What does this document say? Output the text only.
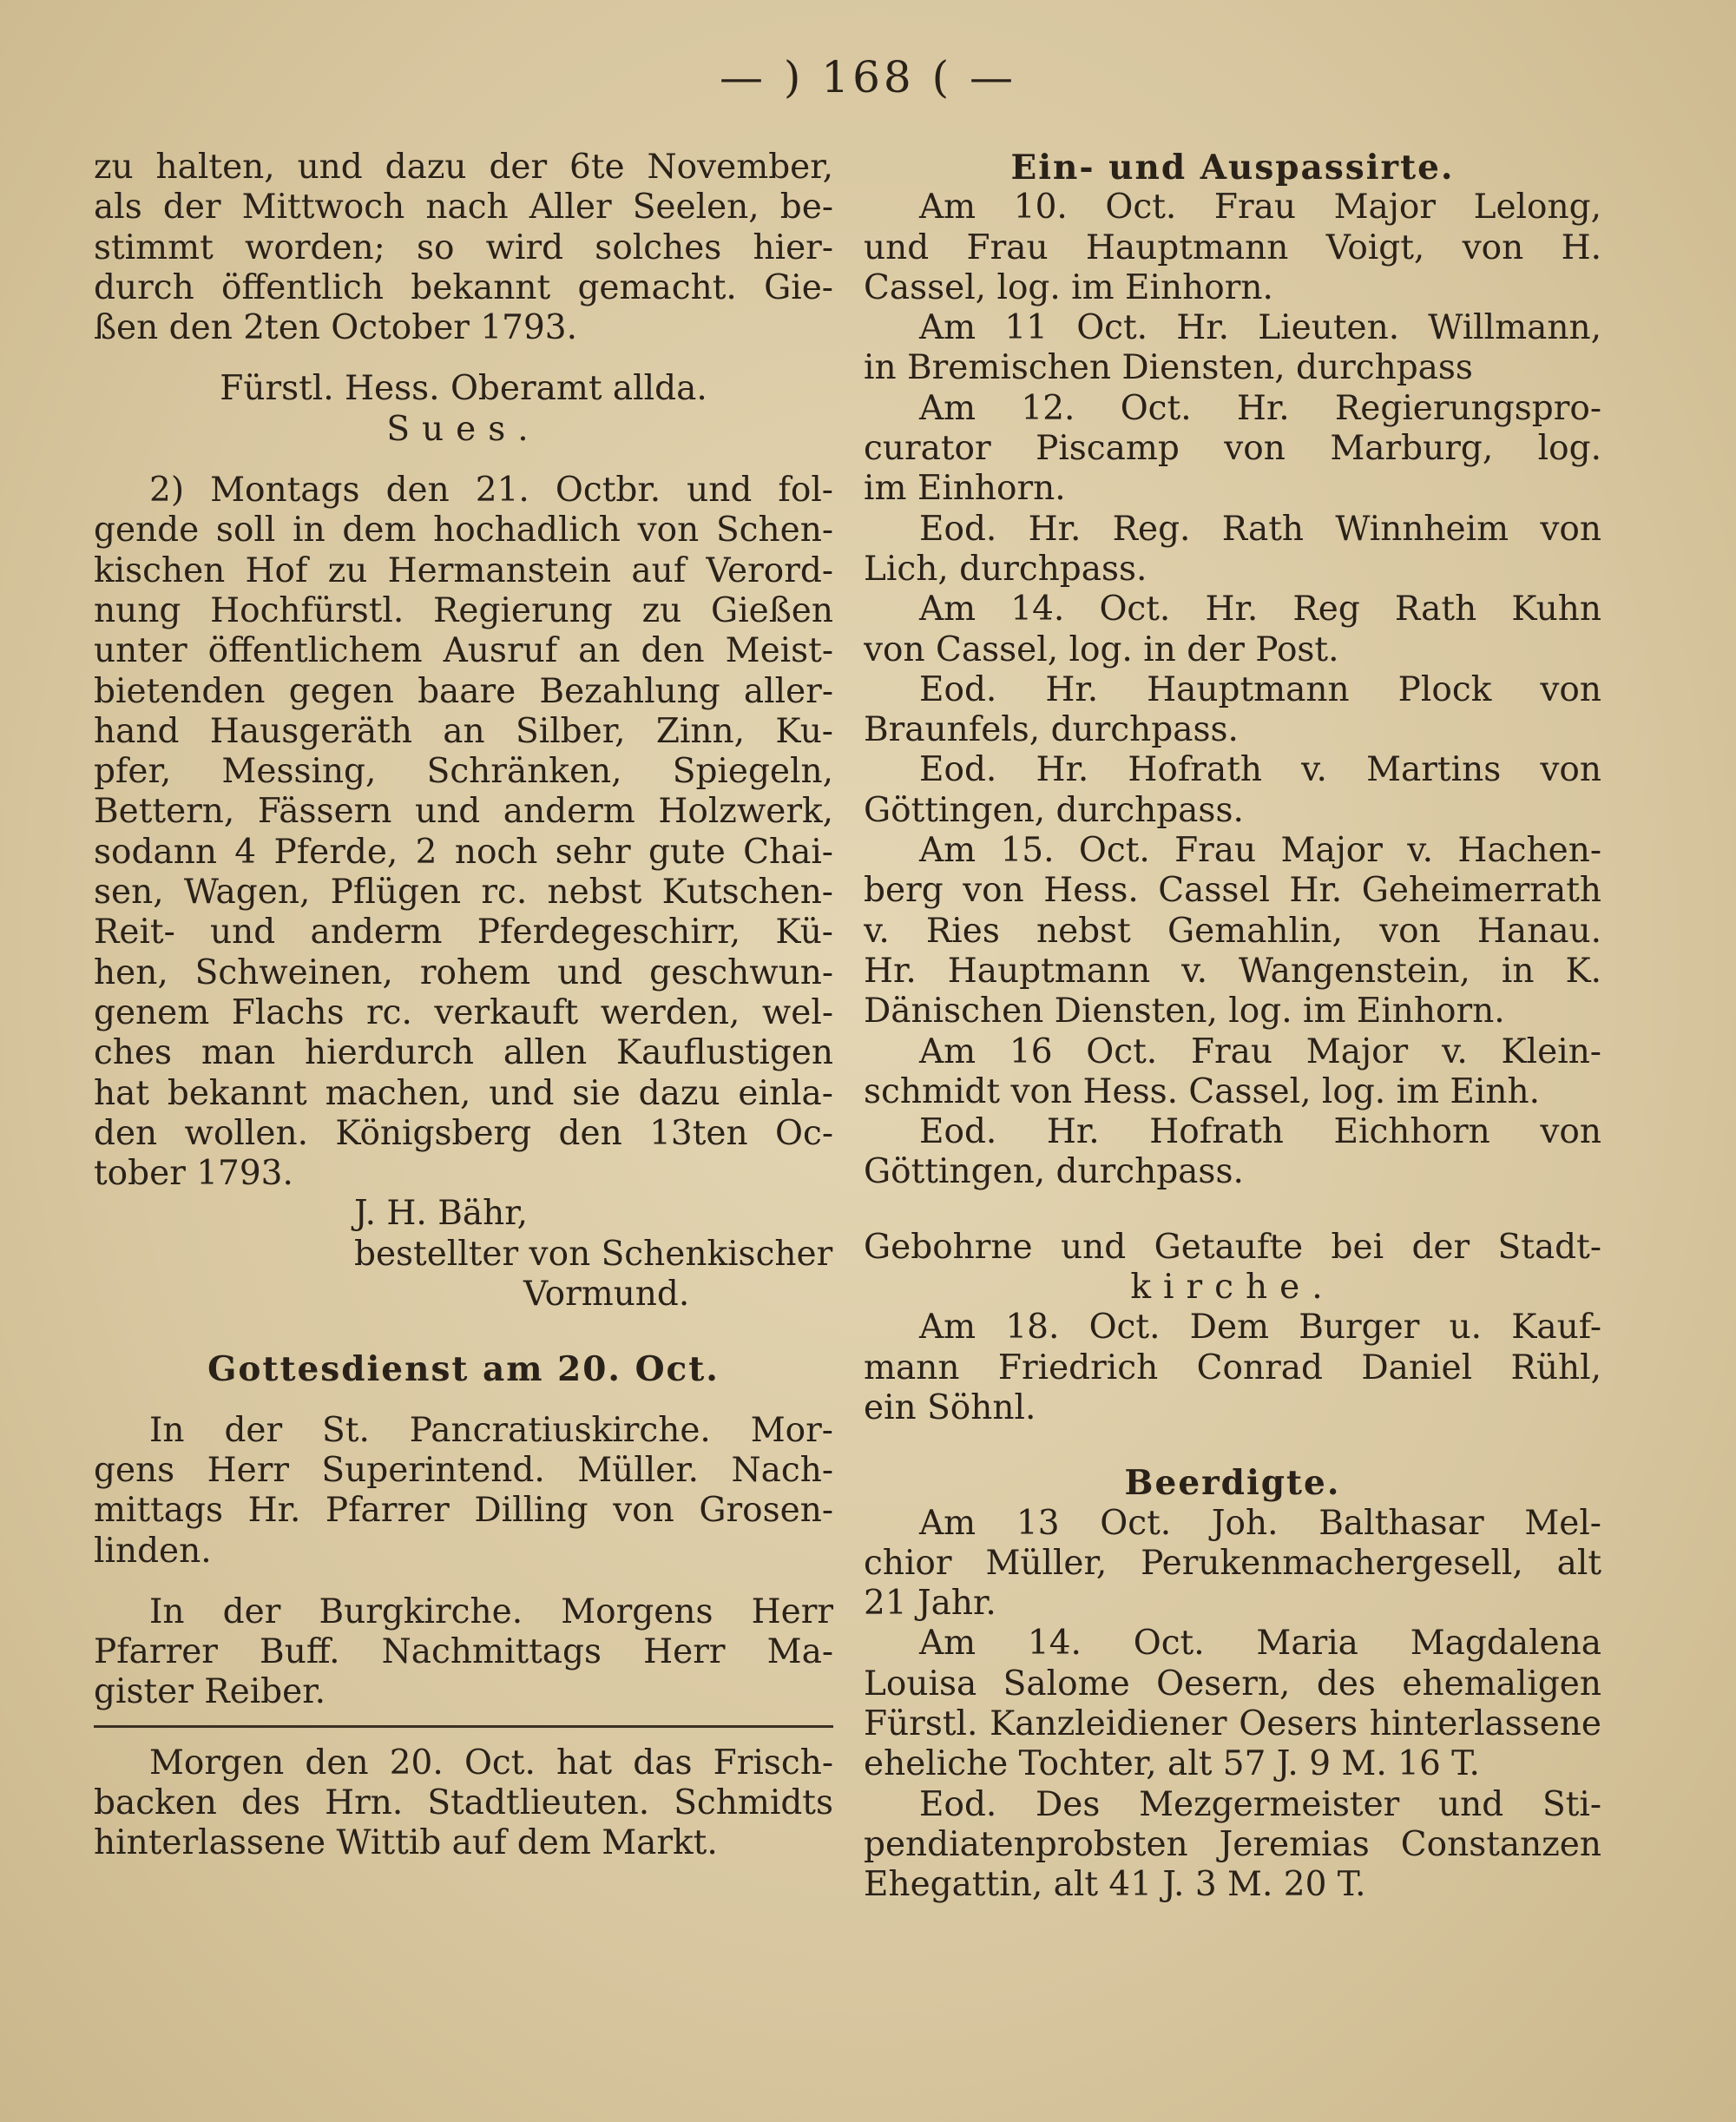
— ) 168 ( —
zu halten, und dazu der 6te November,
als der Mittwoch nach Aller Seelen, be-
stimmt worden; so wird solches hier-
durch öffentlich bekannt gemacht. Gie-
ßen den 2ten October 1793.
Fürstl. Hess. Oberamt allda.
Sues.
2) Montags den 21. Octbr. und fol-
gende soll in dem hochadlich von Schen-
kischen Hof zu Hermanstein auf Verord-
nung Hochfürstl. Regierung zu Gießen
unter öffentlichem Ausruf an den Meist-
bietenden gegen baare Bezahlung aller-
hand Hausgeräth an Silber, Zinn, Ku-
pfer, Messing, Schränken, Spiegeln,
Bettern, Fässern und anderm Holzwerk,
sodann 4 Pferde, 2 noch sehr gute Chai-
sen, Wagen, Pflügen rc. nebst Kutschen-
Reit- und anderm Pferdegeschirr, Kü-
hen, Schweinen, rohem und geschwun-
genem Flachs rc. verkauft werden, wel-
ches man hierdurch allen Kauflustigen
hat bekannt machen, und sie dazu einla-
den wollen. Königsberg den 13ten Oc-
tober 1793.
J. H. Bähr,
bestellter von Schenkischer
Vormund.
Gottesdienst am 20. Oct.
In der St. Pancratiuskirche. Mor-
gens Herr Superintend. Müller. Nach-
mittags Hr. Pfarrer Dilling von Grosen-
linden.
In der Burgkirche. Morgens Herr
Pfarrer Buff. Nachmittags Herr Ma-
gister Reiber.
Morgen den 20. Oct. hat das Frisch-
backen des Hrn. Stadtlieuten. Schmidts
hinterlassene Wittib auf dem Markt.
Ein- und Auspassirte.
Am 10. Oct. Frau Major Lelong,
und Frau Hauptmann Voigt, von H.
Cassel, log. im Einhorn.
Am 11 Oct. Hr. Lieuten. Willmann,
in Bremischen Diensten, durchpass
Am 12. Oct. Hr. Regierungspro-
curator Piscamp von Marburg, log.
im Einhorn.
Eod. Hr. Reg. Rath Winnheim von
Lich, durchpass.
Am 14. Oct. Hr. Reg Rath Kuhn
von Cassel, log. in der Post.
Eod. Hr. Hauptmann Plock von
Braunfels, durchpass.
Eod. Hr. Hofrath v. Martins von
Göttingen, durchpass.
Am 15. Oct. Frau Major v. Hachen-
berg von Hess. Cassel Hr. Geheimerrath
v. Ries nebst Gemahlin, von Hanau.
Hr. Hauptmann v. Wangenstein, in K.
Dänischen Diensten, log. im Einhorn.
Am 16 Oct. Frau Major v. Klein-
schmidt von Hess. Cassel, log. im Einh.
Eod. Hr. Hofrath Eichhorn von
Göttingen, durchpass.
Gebohrne und Getaufte bei der Stadt-
kirche.
Am 18. Oct. Dem Burger u. Kauf-
mann Friedrich Conrad Daniel Rühl,
ein Söhnl.
Beerdigte.
Am 13 Oct. Joh. Balthasar Mel-
chior Müller, Perukenmachergesell, alt
21 Jahr.
Am 14. Oct. Maria Magdalena
Louisa Salome Oesern, des ehemaligen
Fürstl. Kanzleidiener Oesers hinterlassene
eheliche Tochter, alt 57 J. 9 M. 16 T.
Eod. Des Mezgermeister und Sti-
pendiatenprobsten Jeremias Constanzen
Ehegattin, alt 41 J. 3 M. 20 T.
